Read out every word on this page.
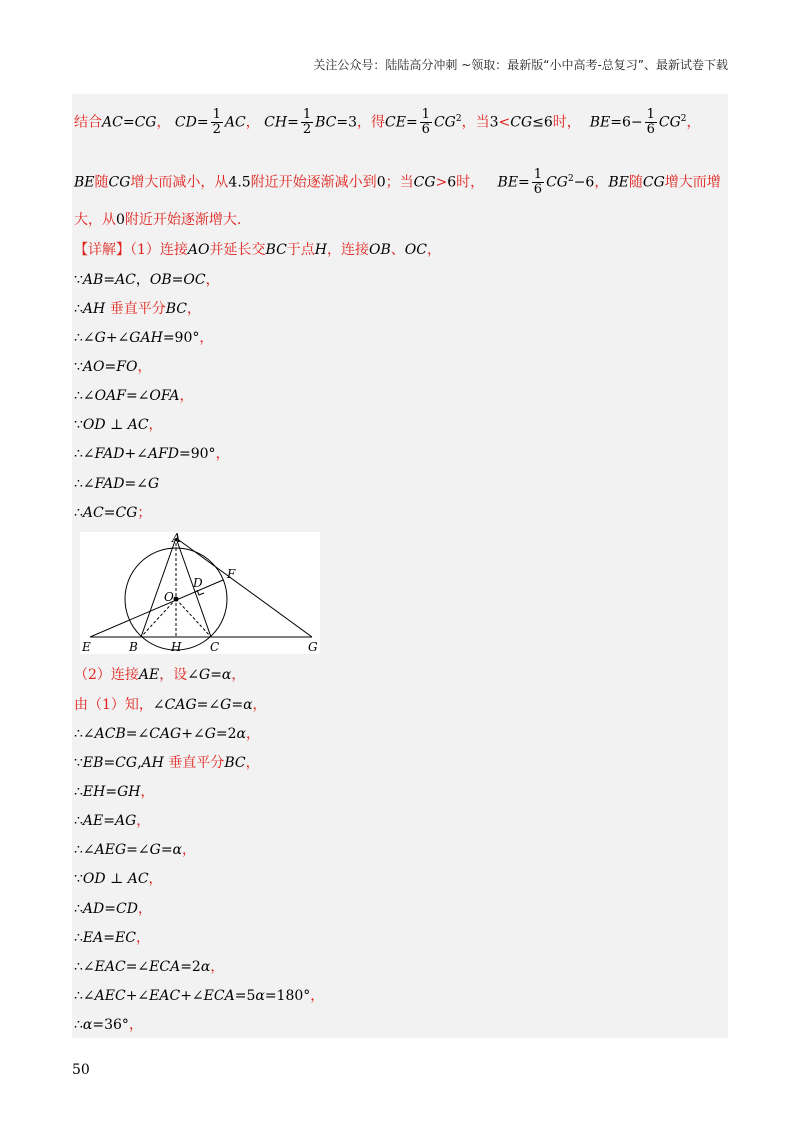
关注公众号：陆陆高分冲刺 ~领取：最新版“小中高考-总复习”、最新试卷下载
结合AC=CG， $CD= \frac{1}{2}$ AC， $CH= \frac{1}{2} BC=3$，得$CE= \frac{1}{6} CG^2$，当3<CG≤6时，  $BE=6- \frac{1}{6} CG^2$，
BE随CG增大而减小，从4.5附近开始逐渐减小到0；当CG>6时，   $BE= \frac{1}{6} CG^2-6$，BE随CG增大而增
大，从0附近开始逐渐增大.
【详解】（1）连接AO并延长交BC于点H，连接OB、OC，
∵AB=AC，OB=OC，
∴AH 垂直平分BC，
∴∠G+∠GAH=90°，
∵AO=FO，
∴∠OAF=∠OFA，
∵OD ⊥ AC，
∴∠FAD+∠AFD=90°，
∴∠FAD=∠G
∴AC=CG；
A
F
D
O
E	B	H C	G
（2）连接AE，设∠G=α，
由（1）知，∠CAG=∠G=α，
∴∠ACB=∠CAG+∠G=2α，
∵EB=CG,AH 垂直平分BC，
∴EH=GH，
∴AE=AG，
∴∠AEG=∠G=α，
∵OD ⊥ AC，
∴AD=CD，
∴EA=EC，
∴∠EAC=∠ECA=2α，
∴∠AEC+∠EAC+∠ECA=5α=180°，
∴α=36°，
50
